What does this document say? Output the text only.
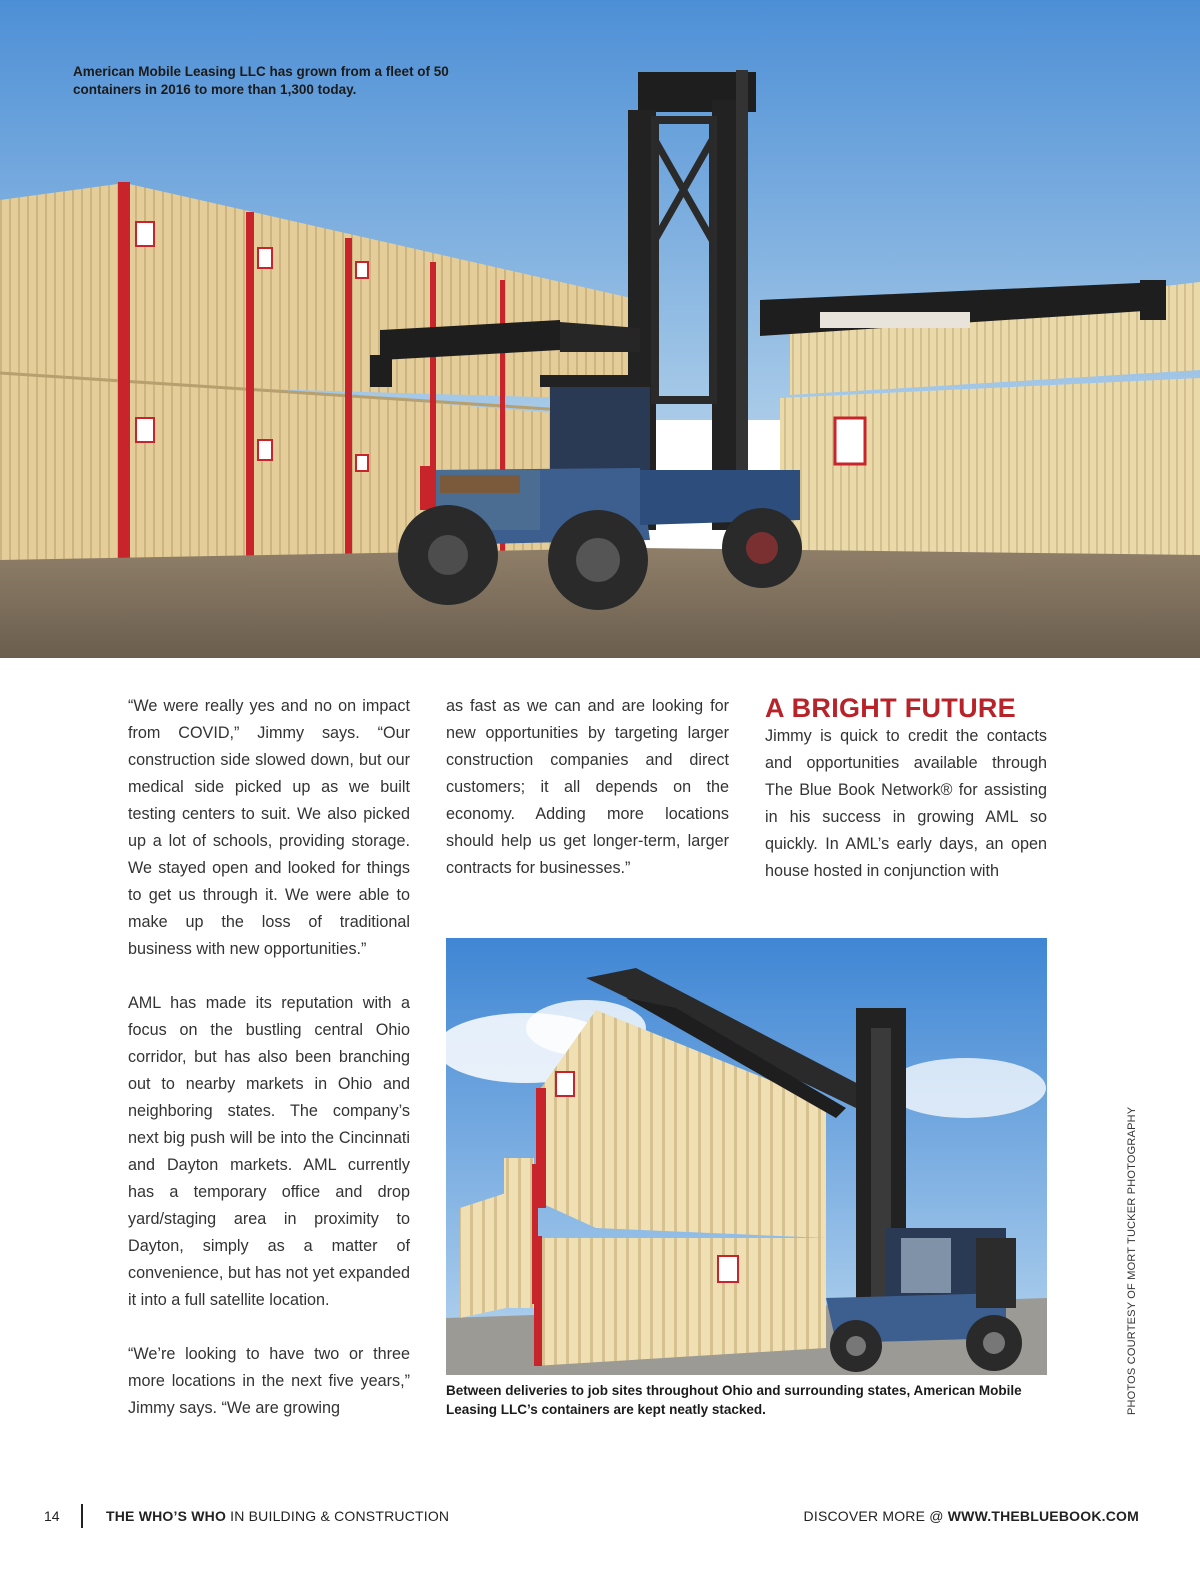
American Mobile Leasing LLC has grown from a fleet of 50 containers in 2016 to more than 1,300 today.

“We were really yes and no on impact from COVID,” Jimmy says. “Our construction side slowed down, but our medical side picked up as we built testing centers to suit. We also picked up a lot of schools, providing storage. We stayed open and looked for things to get us through it. We were able to make up the loss of traditional business with new opportunities.”

AML has made its reputation with a focus on the bustling central Ohio corridor, but has also been branching out to nearby markets in Ohio and neighboring states. The company’s next big push will be into the Cincinnati and Dayton markets. AML currently has a temporary office and drop yard/staging area in proximity to Dayton, simply as a matter of convenience, but has not yet expanded it into a full satellite location.

“We’re looking to have two or three more locations in the next five years,” Jimmy says. “We are growing

as fast as we can and are looking for new opportunities by targeting larger construction companies and direct customers; it all depends on the economy. Adding more locations should help us get longer-term, larger contracts for businesses.”

A BRIGHT FUTURE

Jimmy is quick to credit the contacts and opportunities available through The Blue Book Network® for assisting in his success in growing AML so quickly. In AML’s early days, an open house hosted in conjunction with

Between deliveries to job sites throughout Ohio and surrounding states, American Mobile Leasing LLC’s containers are kept neatly stacked.	PHOTOS COURTESY OF MORT TUCKER PHOTOGRAPHY
14	THE WHO’S WHO IN BUILDING & CONSTRUCTION	DISCOVER MORE @ WWW.THEBLUEBOOK.COM
